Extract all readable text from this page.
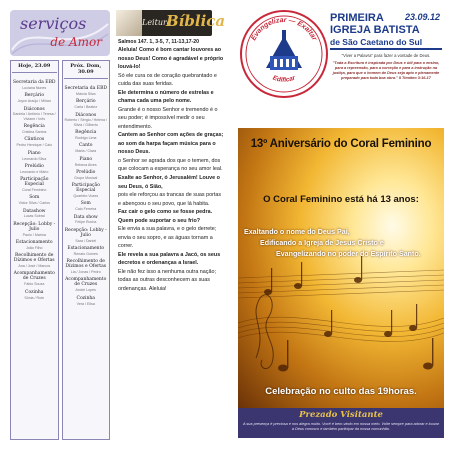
serviços
de Amor
Hoje, 23.09
Secretaria da EBD
Luciana Nunes
Berçário
Joyce Araújo / Mirian
Diáconos
Daniela / Antônio / Teresa / Viviane / Inês
Regência
Cristina Santos
Cânticos
Pedro Henrique / Caio
Piano
Leonardo Silva
Prelúdio
Leonardo e Mário
Participação Especial
Coral Feminino
Som
Victor Silva / Carlos
Datashow
Lucas Sobral
Recepção: Lobby - Julio
Paulo / Marina
Estacionamento
João Filho
Recolhimento de Dízimos e Ofertas
Ana / José / Marcos
Acompanhamento de Cruzes
Fábio Souza
Cozinha
Sônia / Rute
Próx. Dom, 30.09
Secretaria da EBD
Márcia Silva
Berçário
Carla / Beatriz
Diáconos
Roberto / Sérgio / Helena / Silvia / Gilberto
Regência
Rodrigo Lima
Canto
Marta / Clara
Piano
Rebeca Alves
Prelúdio
Grupo Musical
Participação Especial
Quarteto Vozes
Som
Caio Ferreira
Data show
Felipe Rocha
Recepção: Lobby - Julio
Sara / Daniel
Estacionamento
Renato Gomes
Recolhimento de Dízimos e Ofertas
Lia / Jonas / Pedro
Acompanhamento de Cruzes
André Lopes
Cozinha
Vera / Elisa
Leitura
Bíblica
Salmos 147. 1, 3-5, 7, 11-13,17-20
Aleluia! Como é bom cantar louvores ao nosso Deus! Como é agradável e próprio louvá-lo!
Só ele cura os de coração quebrantado e cuida das suas feridas.
Ele determina o número de estrelas e chama cada uma pelo nome.
Grande é o nosso Senhor e tremendo é o seu poder; é impossível medir o seu entendimento.
Cantem ao Senhor com ações de graças; ao som da harpa façam música para o nosso Deus.
o Senhor se agrada dos que o temem, dos que colocam a esperança no seu amor leal.
Exalte ao Senhor, ó Jerusalém! Louve o seu Deus, ó Sião,
pois ele reforçou as trancas de suas portas e abençoou o seu povo, que lá habita.
Faz cair o gelo como se fosse pedra. Quem pode suportar o seu frio?
Ele envia a sua palavra, e o gelo derrete; envia o seu sopro, e as águas tornam a correr.
Ele revela a sua palavra a Jacó, os seus decretos e ordenanças a Israel.
Ele não fez isso a nenhuma outra nação; todas as outras desconhecem as suas ordenanças. Aleluia!
Evangelizar — Exaltar
Edificar
PRIMEIRA 23.09.12
IGREJA BATISTA
de São Caetano do Sul
"Viver a Palavra" para fazer a vontade de Deus.
"Toda a Escritura é inspirada por Deus e útil para o ensino, para a repreensão, para a correção e para a instrução na justiça, para que o homem de Deus seja apto e plenamente preparado para toda boa obra." II Timóteo 3:16-17
13º Aniversário do Coral Feminino
O Coral Feminino está há 13 anos:
Exaltando o nome do Deus Pai,
Edificando a Igreja de Jesus Cristo e
Evangelizando no poder do Espírito Santo.
Celebração no culto das 19horas.
Prezado Visitante
A sua presença é preciosa e nos alegra muito. Você é bem-vindo em nossa meio. Volte sempre para adorar e louvar a Deus conosco e também participar da nossa comunhão.
